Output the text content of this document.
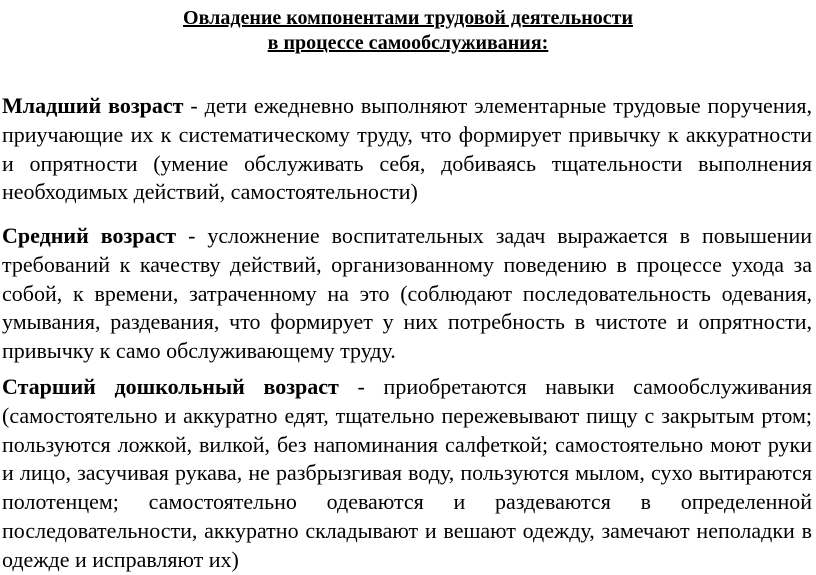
Овладение компонентами трудовой деятельности
в процессе самообслуживания:

Младший возраст - дети ежедневно выполняют элементарные трудовые поручения, приучающие их к систематическому труду, что формирует привычку к аккуратности и опрятности (умение обслуживать себя, добиваясь тщательности выполнения необходимых действий, самостоятельности)

Средний возраст - усложнение воспитательных задач выражается в повышении требований к качеству действий, организованному поведению в процессе ухода за собой, к времени, затраченному на это (соблюдают последовательность одевания, умывания, раздевания, что формирует у них потребность в чистоте и опрятности, привычку к само обслуживающему труду.

Старший дошкольный возраст - приобретаются навыки самообслуживания (самостоятельно и аккуратно едят, тщательно пережевывают пищу с закрытым ртом; пользуются ложкой, вилкой, без напоминания салфеткой; самостоятельно моют руки и лицо, засучивая рукава, не разбрызгивая воду, пользуются мылом, сухо вытираются полотенцем; самостоятельно одеваются и раздеваются в определенной последовательности, аккуратно складывают и вешают одежду, замечают неполадки в одежде и исправляют их)
